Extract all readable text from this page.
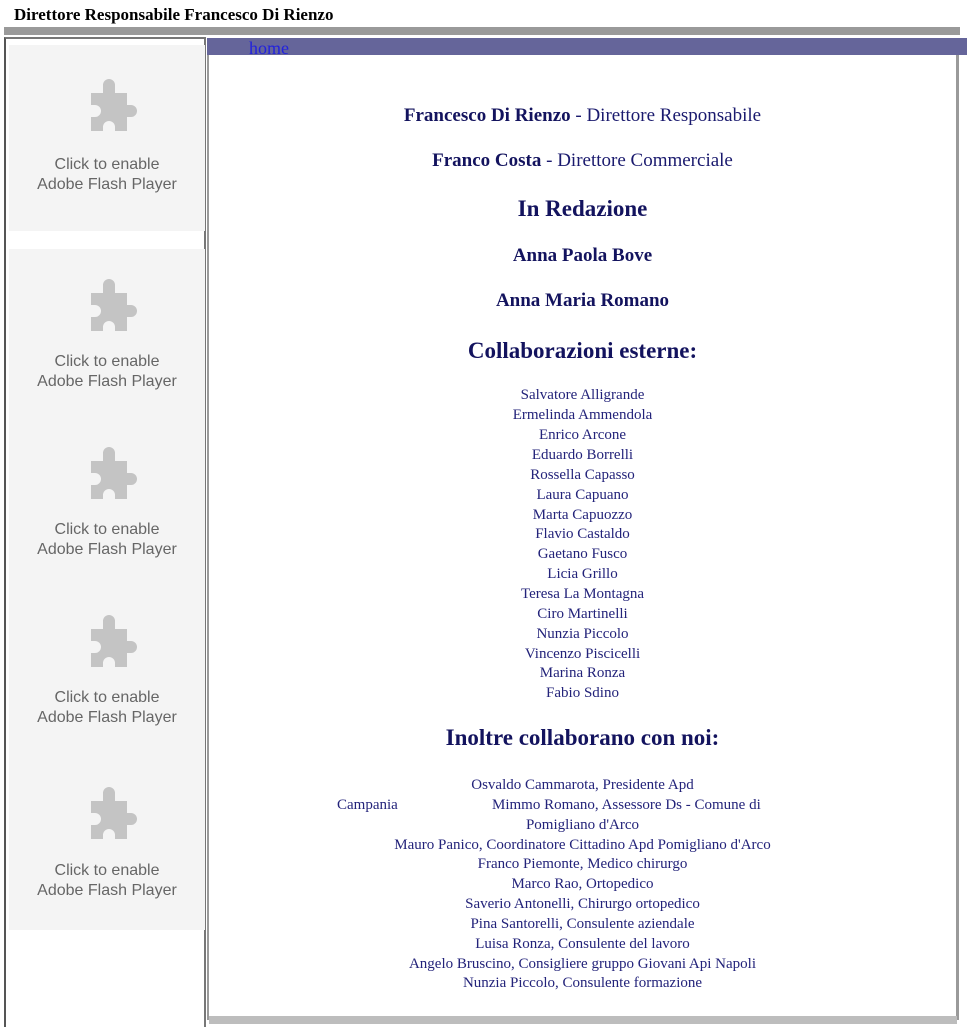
Direttore Responsabile Francesco Di Rienzo
Click to enable
Adobe Flash Player
Click to enable
Adobe Flash Player
Click to enable
Adobe Flash Player
Click to enable
Adobe Flash Player
Click to enable
Adobe Flash Player
home
Francesco Di Rienzo - Direttore Responsabile
Franco Costa - Direttore Commerciale
In Redazione
Anna Paola Bove
Anna Maria Romano
Collaborazioni esterne:
Salvatore Alligrande
Ermelinda Ammendola
Enrico Arcone
Eduardo Borrelli
Rossella Capasso
Laura Capuano
Marta Capuozzo
Flavio Castaldo
Gaetano Fusco
Licia Grillo
Teresa La Montagna
Ciro Martinelli
Nunzia Piccolo
Vincenzo Piscicelli
Marina Ronza
Fabio Sdino
Inoltre collaborano con noi:
Osvaldo Cammarota, Presidente Apd
Campania	Mimmo Romano, Assessore Ds - Comune di
Pomigliano d'Arco
Mauro Panico, Coordinatore Cittadino Apd Pomigliano d'Arco
Franco Piemonte, Medico chirurgo
Marco Rao, Ortopedico
Saverio Antonelli, Chirurgo ortopedico
Pina Santorelli, Consulente aziendale
Luisa Ronza, Consulente del lavoro
Angelo Bruscino, Consigliere gruppo Giovani Api Napoli
Nunzia Piccolo, Consulente formazione
